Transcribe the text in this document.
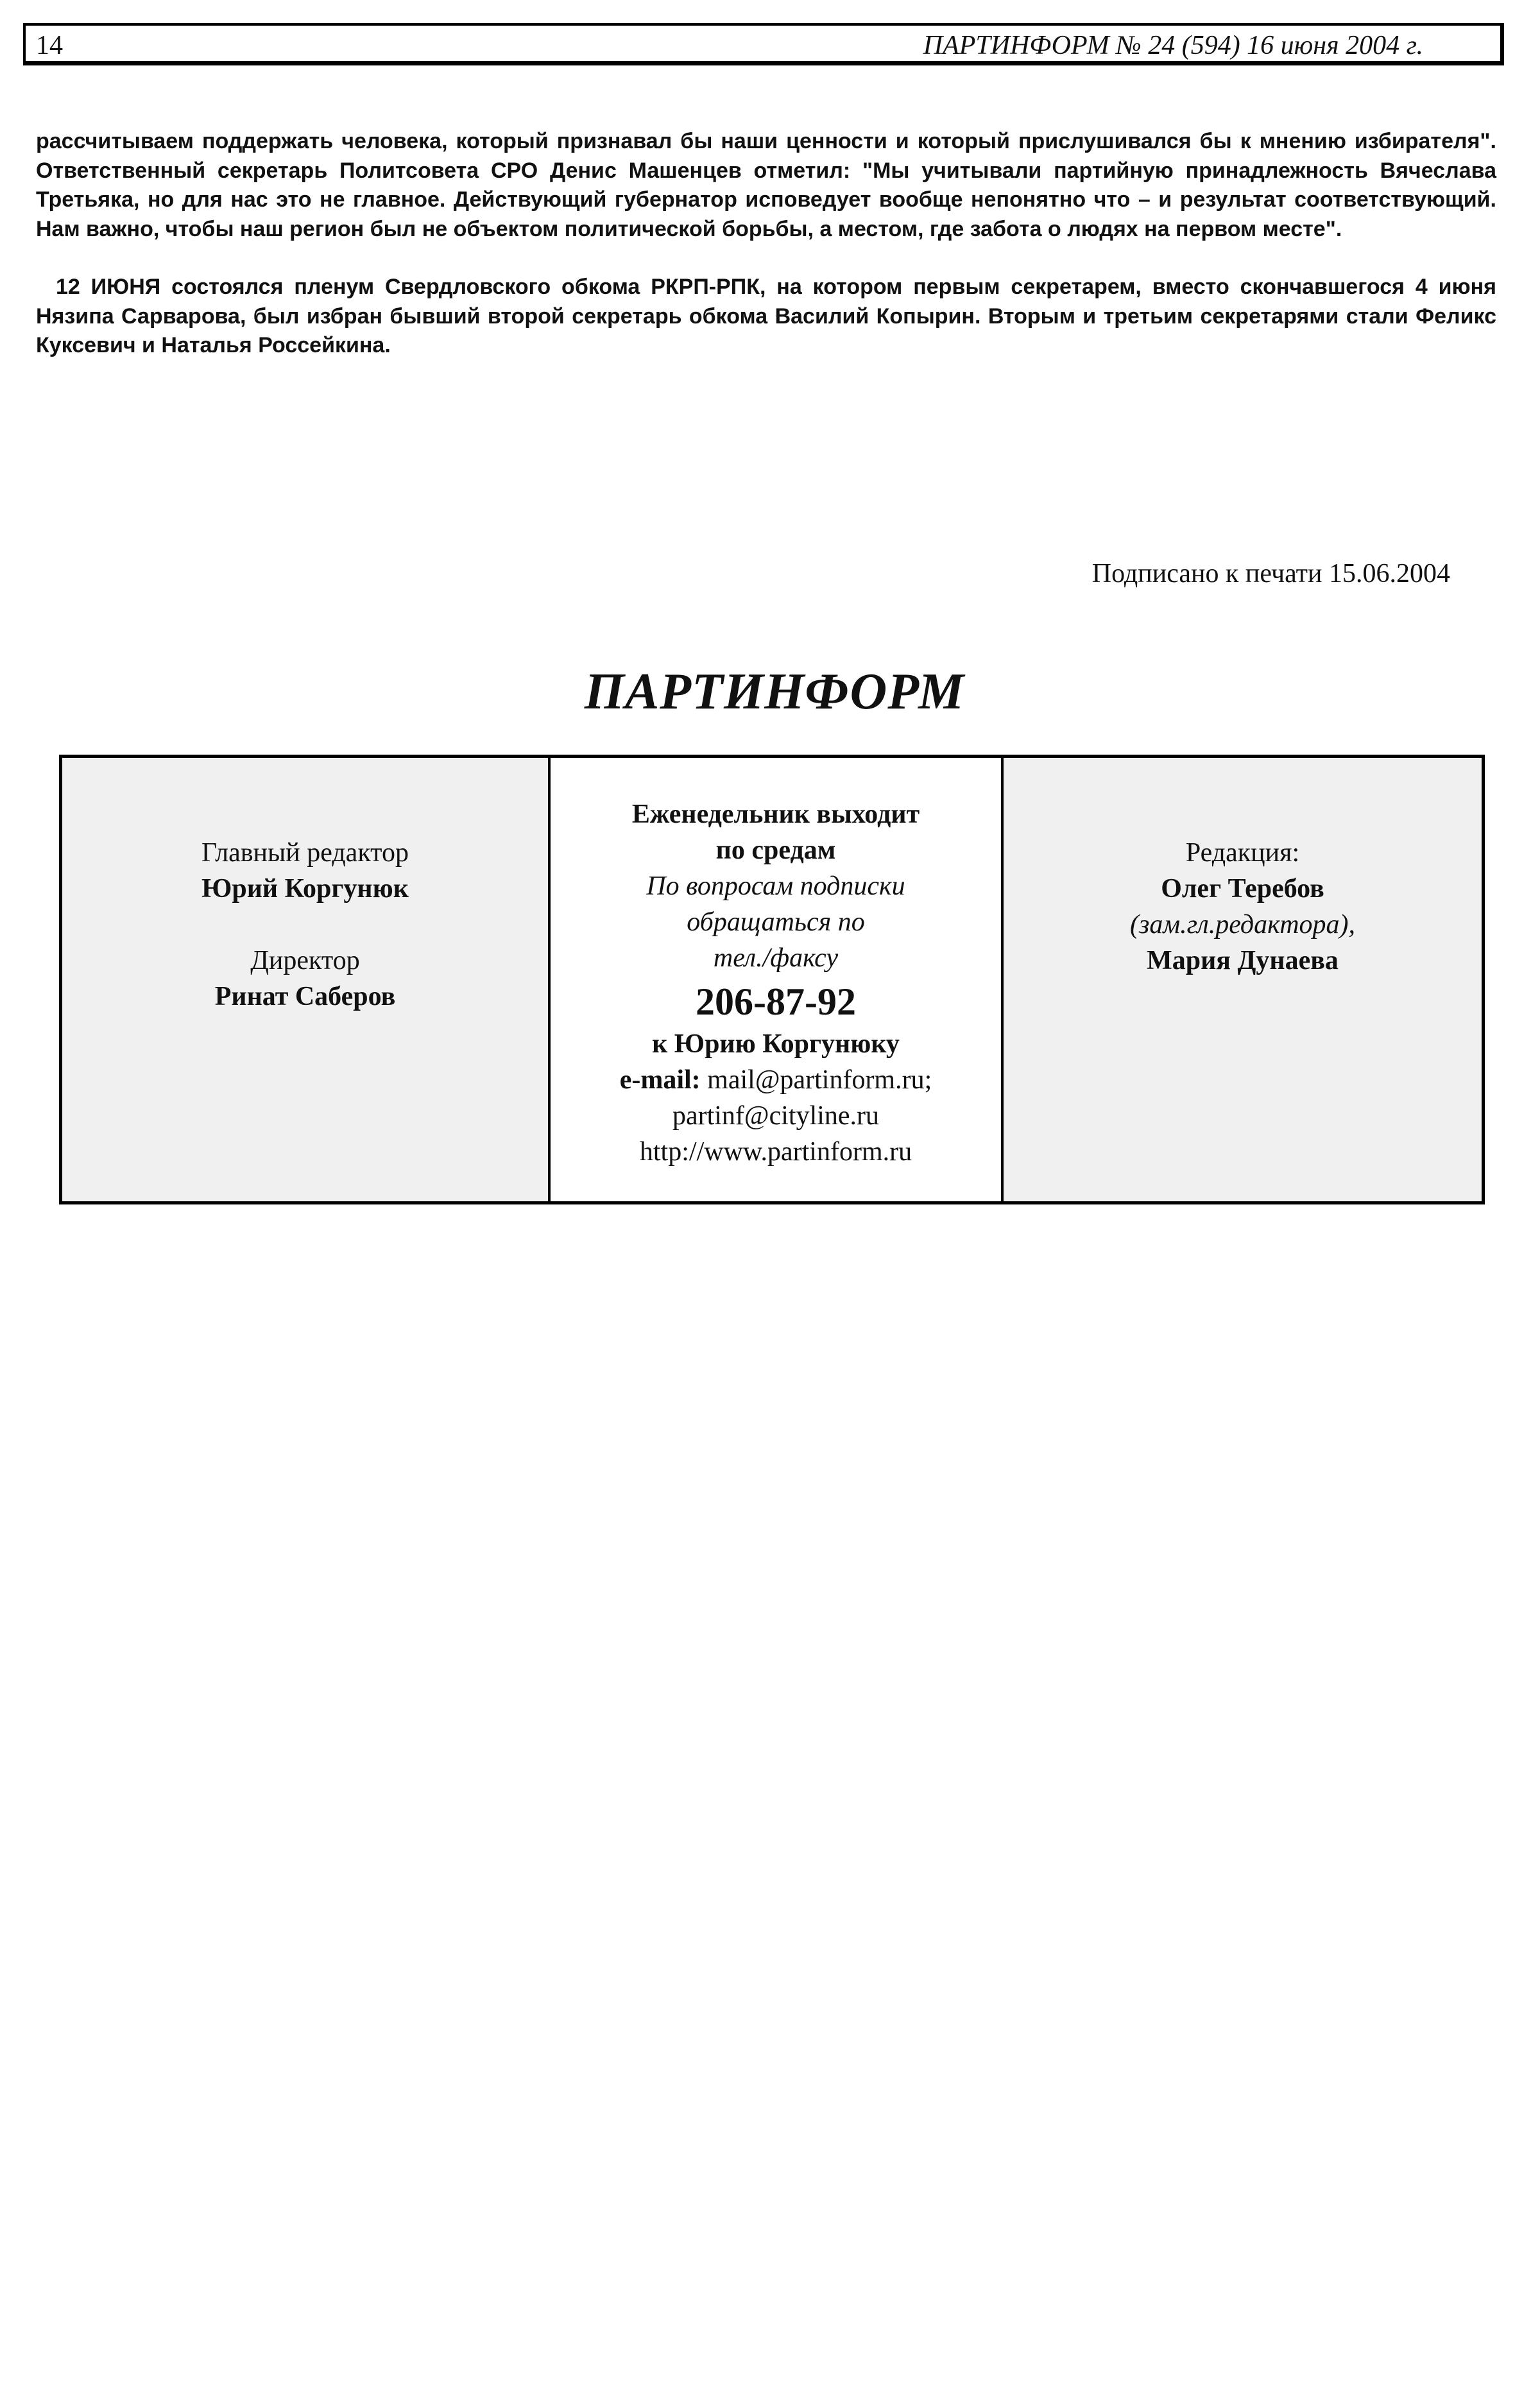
14	ПАРТИНФОРМ № 24 (594) 16 июня 2004 г.

рассчитываем поддержать человека, который признавал бы наши ценности и который прислушивался бы к мнению избирателя". Ответственный секретарь Политсовета СРО Денис Машенцев отметил: "Мы учитывали партийную принадлежность Вячеслава Третьяка, но для нас это не главное. Действующий губернатор исповедует вообще непонятно что – и результат соответствующий. Нам важно, чтобы наш регион был не объектом политической борьбы, а местом, где забота о людях на первом месте".

12 ИЮНЯ состоялся пленум Свердловского обкома РКРП-РПК, на котором первым секретарем, вместо скончавшегося 4 июня Нязипа Сарварова, был избран бывший второй секретарь обкома Василий Копырин. Вторым и третьим секретарями стали Феликс Куксевич и Наталья Россейкина.

Подписано к печати 15.06.2004
ПАРТИНФОРМ
Главный редактор
Юрий Коргунюк
Директор
Ринат Саберов
Еженедельник выходит
по средам
По вопросам подписки
обращаться по
тел./факсу
206-87-92
к Юрию Коргунюку
e-mail: mail@partinform.ru;
partinf@cityline.ru
http://www.partinform.ru
Редакция:
Олег Теребов
(зам.гл.редактора),
Мария Дунаева
